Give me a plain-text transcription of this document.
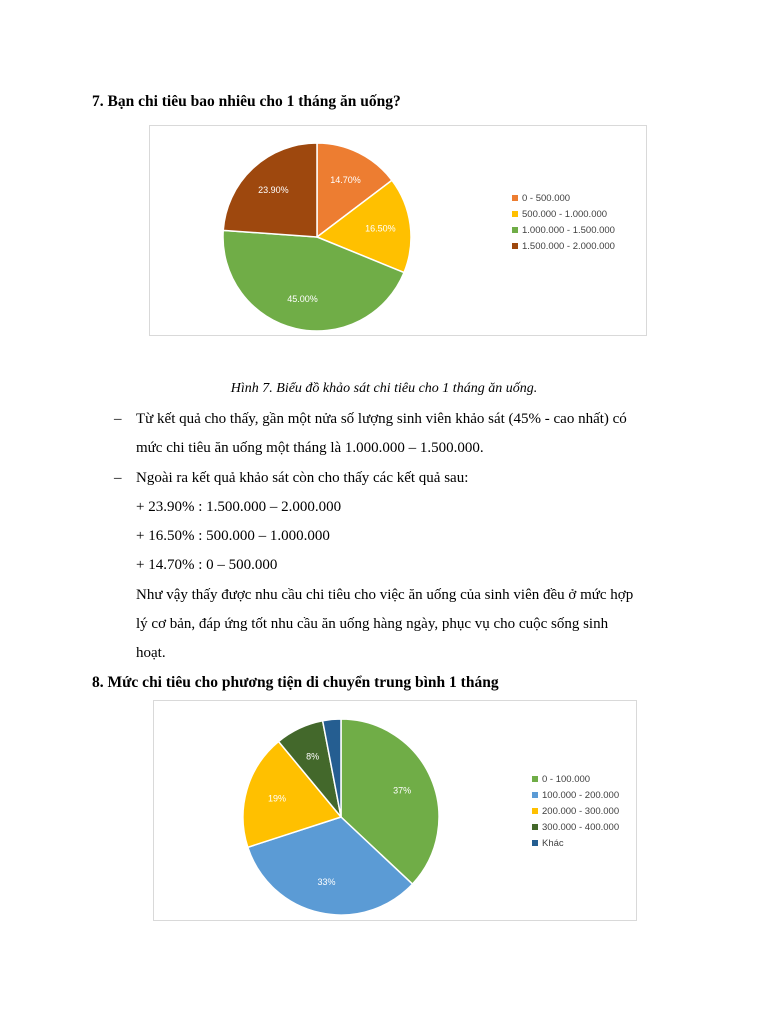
7. Bạn chi tiêu bao nhiêu cho 1 tháng ăn uống?
14.70%
16.50%
45.00%
23.90%
0 - 500.000
500.000 - 1.000.000
1.000.000 - 1.500.000
1.500.000 - 2.000.000
Hình 7. Biểu đồ khảo sát chi tiêu cho 1 tháng ăn uống.
– Từ kết quả cho thấy, gần một nửa số lượng sinh viên khảo sát (45% - cao nhất) có
mức chi tiêu ăn uống một tháng là 1.000.000 – 1.500.000.
– Ngoài ra kết quả khảo sát còn cho thấy các kết quả sau:
+ 23.90% : 1.500.000 – 2.000.000
+ 16.50% : 500.000 – 1.000.000
+ 14.70% : 0 – 500.000
Như vậy thấy được nhu cầu chi tiêu cho việc ăn uống của sinh viên đều ở mức hợp
lý cơ bản, đáp ứng tốt nhu cầu ăn uống hàng ngày, phục vụ cho cuộc sống sinh
hoạt.
8. Mức chi tiêu cho phương tiện di chuyển trung bình 1 tháng
37%
33%
19%
8%
0 - 100.000
100.000 - 200.000
200.000 - 300.000
300.000 - 400.000
Khác
